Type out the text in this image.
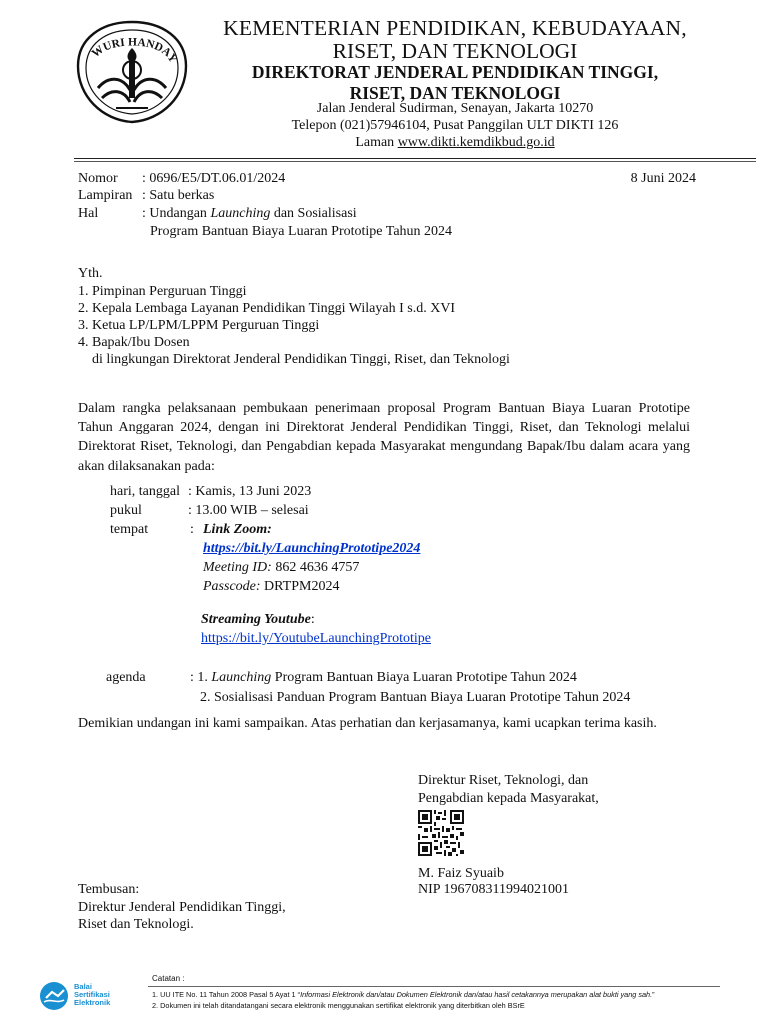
WURI HANDAY
KEMENTERIAN PENDIDIKAN, KEBUDAYAAN,
RISET, DAN TEKNOLOGI
DIREKTORAT JENDERAL PENDIDIKAN TINGGI,
RISET, DAN TEKNOLOGI
Jalan Jenderal Sudirman, Senayan, Jakarta 10270
Telepon (021)57946104, Pusat Panggilan ULT DIKTI 126
Laman www.dikti.kemdikbud.go.id
Nomor : 0696/E5/DT.06.01/2024	8 Juni 2024
Lampiran : Satu berkas
Hal	: Undangan Launching dan Sosialisasi
Program Bantuan Biaya Luaran Prototipe Tahun 2024
Yth.
1. Pimpinan Perguruan Tinggi
2. Kepala Lembaga Layanan Pendidikan Tinggi Wilayah I s.d. XVI
3. Ketua LP/LPM/LPPM Perguruan Tinggi
4. Bapak/Ibu Dosen
di lingkungan Direktorat Jenderal Pendidikan Tinggi, Riset, dan Teknologi
Dalam rangka pelaksanaan pembukaan penerimaan proposal Program Bantuan Biaya Luaran Prototipe Tahun Anggaran 2024, dengan ini Direktorat Jenderal Pendidikan Tinggi, Riset, dan Teknologi melalui Direktorat Riset, Teknologi, dan Pengabdian kepada Masyarakat mengundang Bapak/Ibu dalam acara yang akan dilaksanakan pada:
hari, tanggal : Kamis, 13 Juni 2023
pukul	: 13.00 WIB – selesai
tempat	: Link Zoom:
https://bit.ly/LaunchingPrototipe2024
Meeting ID: 862 4636 4757
Passcode: DRTPM2024
Streaming Youtube:
https://bit.ly/YoutubeLaunchingPrototipe
agenda	: 1. Launching Program Bantuan Biaya Luaran Prototipe Tahun 2024
2. Sosialisasi Panduan Program Bantuan Biaya Luaran Prototipe Tahun 2024
Demikian undangan ini kami sampaikan. Atas perhatian dan kerjasamanya, kami ucapkan terima kasih.
Direktur Riset, Teknologi, dan
Pengabdian kepada Masyarakat,
M. Faiz Syuaib
NIP 196708311994021001
Tembusan:
Direktur Jenderal Pendidikan Tinggi,
Riset dan Teknologi.
Balai
Sertifikasi
Elektronik
Catatan :
1. UU ITE No. 11 Tahun 2008 Pasal 5 Ayat 1 “Informasi Elektronik dan/atau Dokumen Elektronik dan/atau hasil cetakannya merupakan alat bukti yang sah.”
2. Dokumen ini telah ditandatangani secara elektronik menggunakan sertifikat elektronik yang diterbitkan oleh BSrE
